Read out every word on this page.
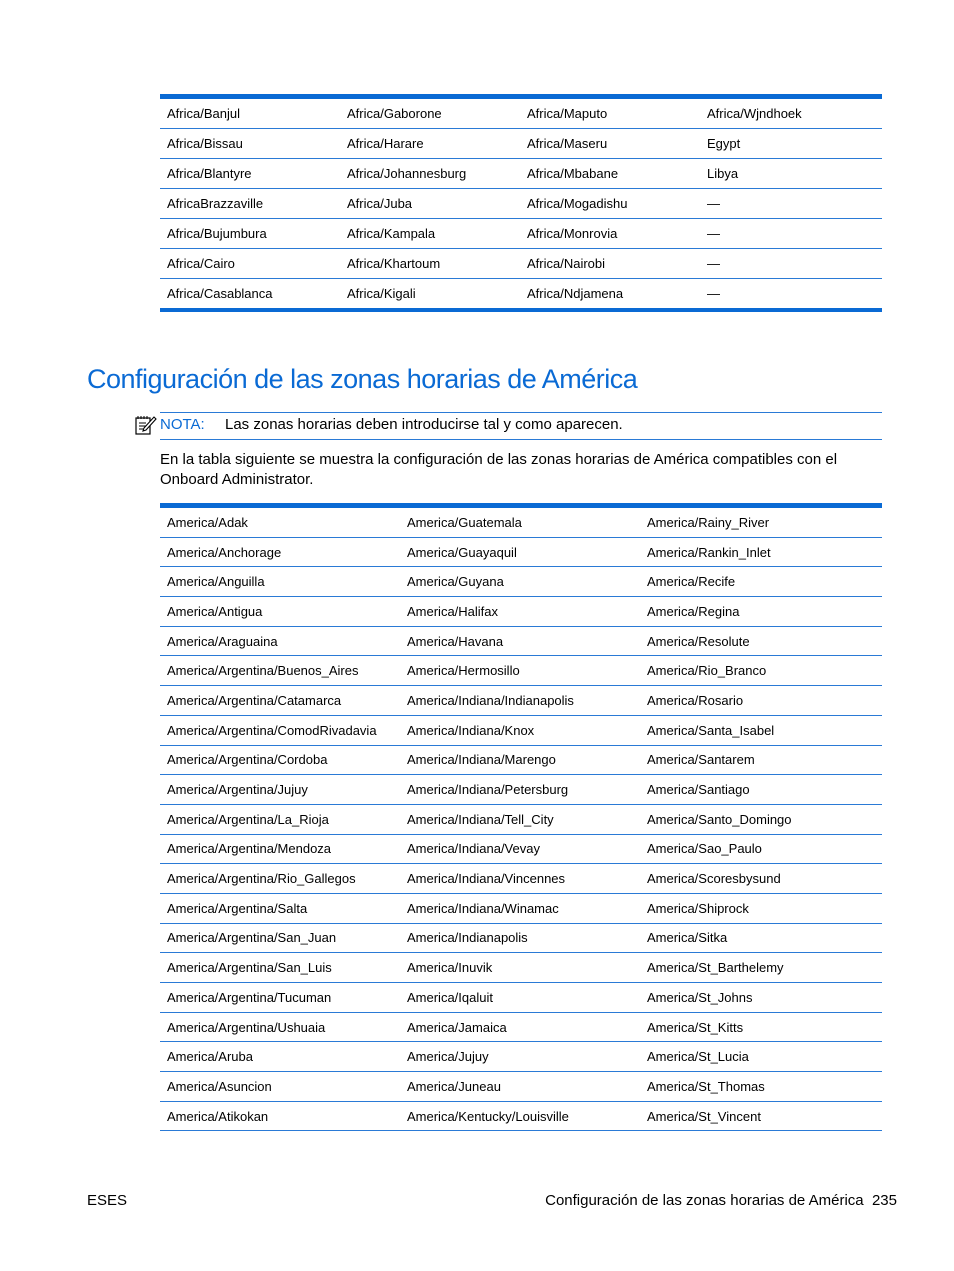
Africa/Banjul	Africa/Gaborone	Africa/Maputo	Africa/Wjndhoek
Africa/Bissau	Africa/Harare	Africa/Maseru	Egypt
Africa/Blantyre	Africa/Johannesburg	Africa/Mbabane	Libya
AfricaBrazzaville	Africa/Juba	Africa/Mogadishu	—
Africa/Bujumbura	Africa/Kampala	Africa/Monrovia	—
Africa/Cairo	Africa/Khartoum	Africa/Nairobi	—
Africa/Casablanca	Africa/Kigali	Africa/Ndjamena	—
Configuración de las zonas horarias de América
NOTA: Las zonas horarias deben introducirse tal y como aparecen.

En la tabla siguiente se muestra la configuración de las zonas horarias de América compatibles con el Onboard Administrator.

America/Adak	America/Guatemala	America/Rainy_River
America/Anchorage	America/Guayaquil	America/Rankin_Inlet
America/Anguilla	America/Guyana	America/Recife
America/Antigua	America/Halifax	America/Regina
America/Araguaina	America/Havana	America/Resolute
America/Argentina/Buenos_Aires	America/Hermosillo	America/Rio_Branco
America/Argentina/Catamarca	America/Indiana/Indianapolis	America/Rosario
America/Argentina/ComodRivadavia	America/Indiana/Knox	America/Santa_Isabel
America/Argentina/Cordoba	America/Indiana/Marengo	America/Santarem
America/Argentina/Jujuy	America/Indiana/Petersburg	America/Santiago
America/Argentina/La_Rioja	America/Indiana/Tell_City	America/Santo_Domingo
America/Argentina/Mendoza	America/Indiana/Vevay	America/Sao_Paulo
America/Argentina/Rio_Gallegos	America/Indiana/Vincennes	America/Scoresbysund
America/Argentina/Salta	America/Indiana/Winamac	America/Shiprock
America/Argentina/San_Juan	America/Indianapolis	America/Sitka
America/Argentina/San_Luis	America/Inuvik	America/St_Barthelemy
America/Argentina/Tucuman	America/Iqaluit	America/St_Johns
America/Argentina/Ushuaia	America/Jamaica	America/St_Kitts
America/Aruba	America/Jujuy	America/St_Lucia
America/Asuncion	America/Juneau	America/St_Thomas
America/Atikokan	America/Kentucky/Louisville	America/St_Vincent
ESES	Configuración de las zonas horarias de América 235
